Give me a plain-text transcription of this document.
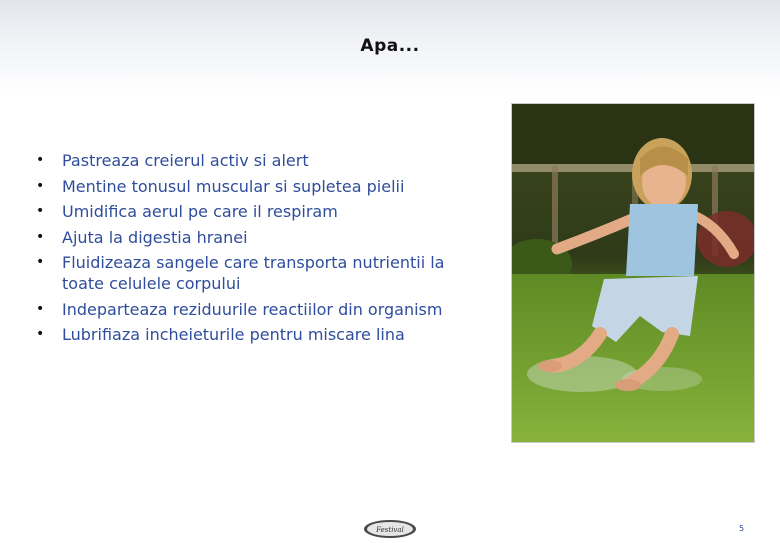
Apa...
• Pastreaza creierul activ si alert
• Mentine tonusul muscular si supletea pielii
• Umidifica aerul pe care il respiram
• Ajuta la digestia hranei
• Fluidizeaza sangele care transporta nutrientii la toate celulele corpului
• Indeparteaza reziduurile reactiilor din organism
• Lubrifiaza incheieturile pentru miscare lina
Festival	5
